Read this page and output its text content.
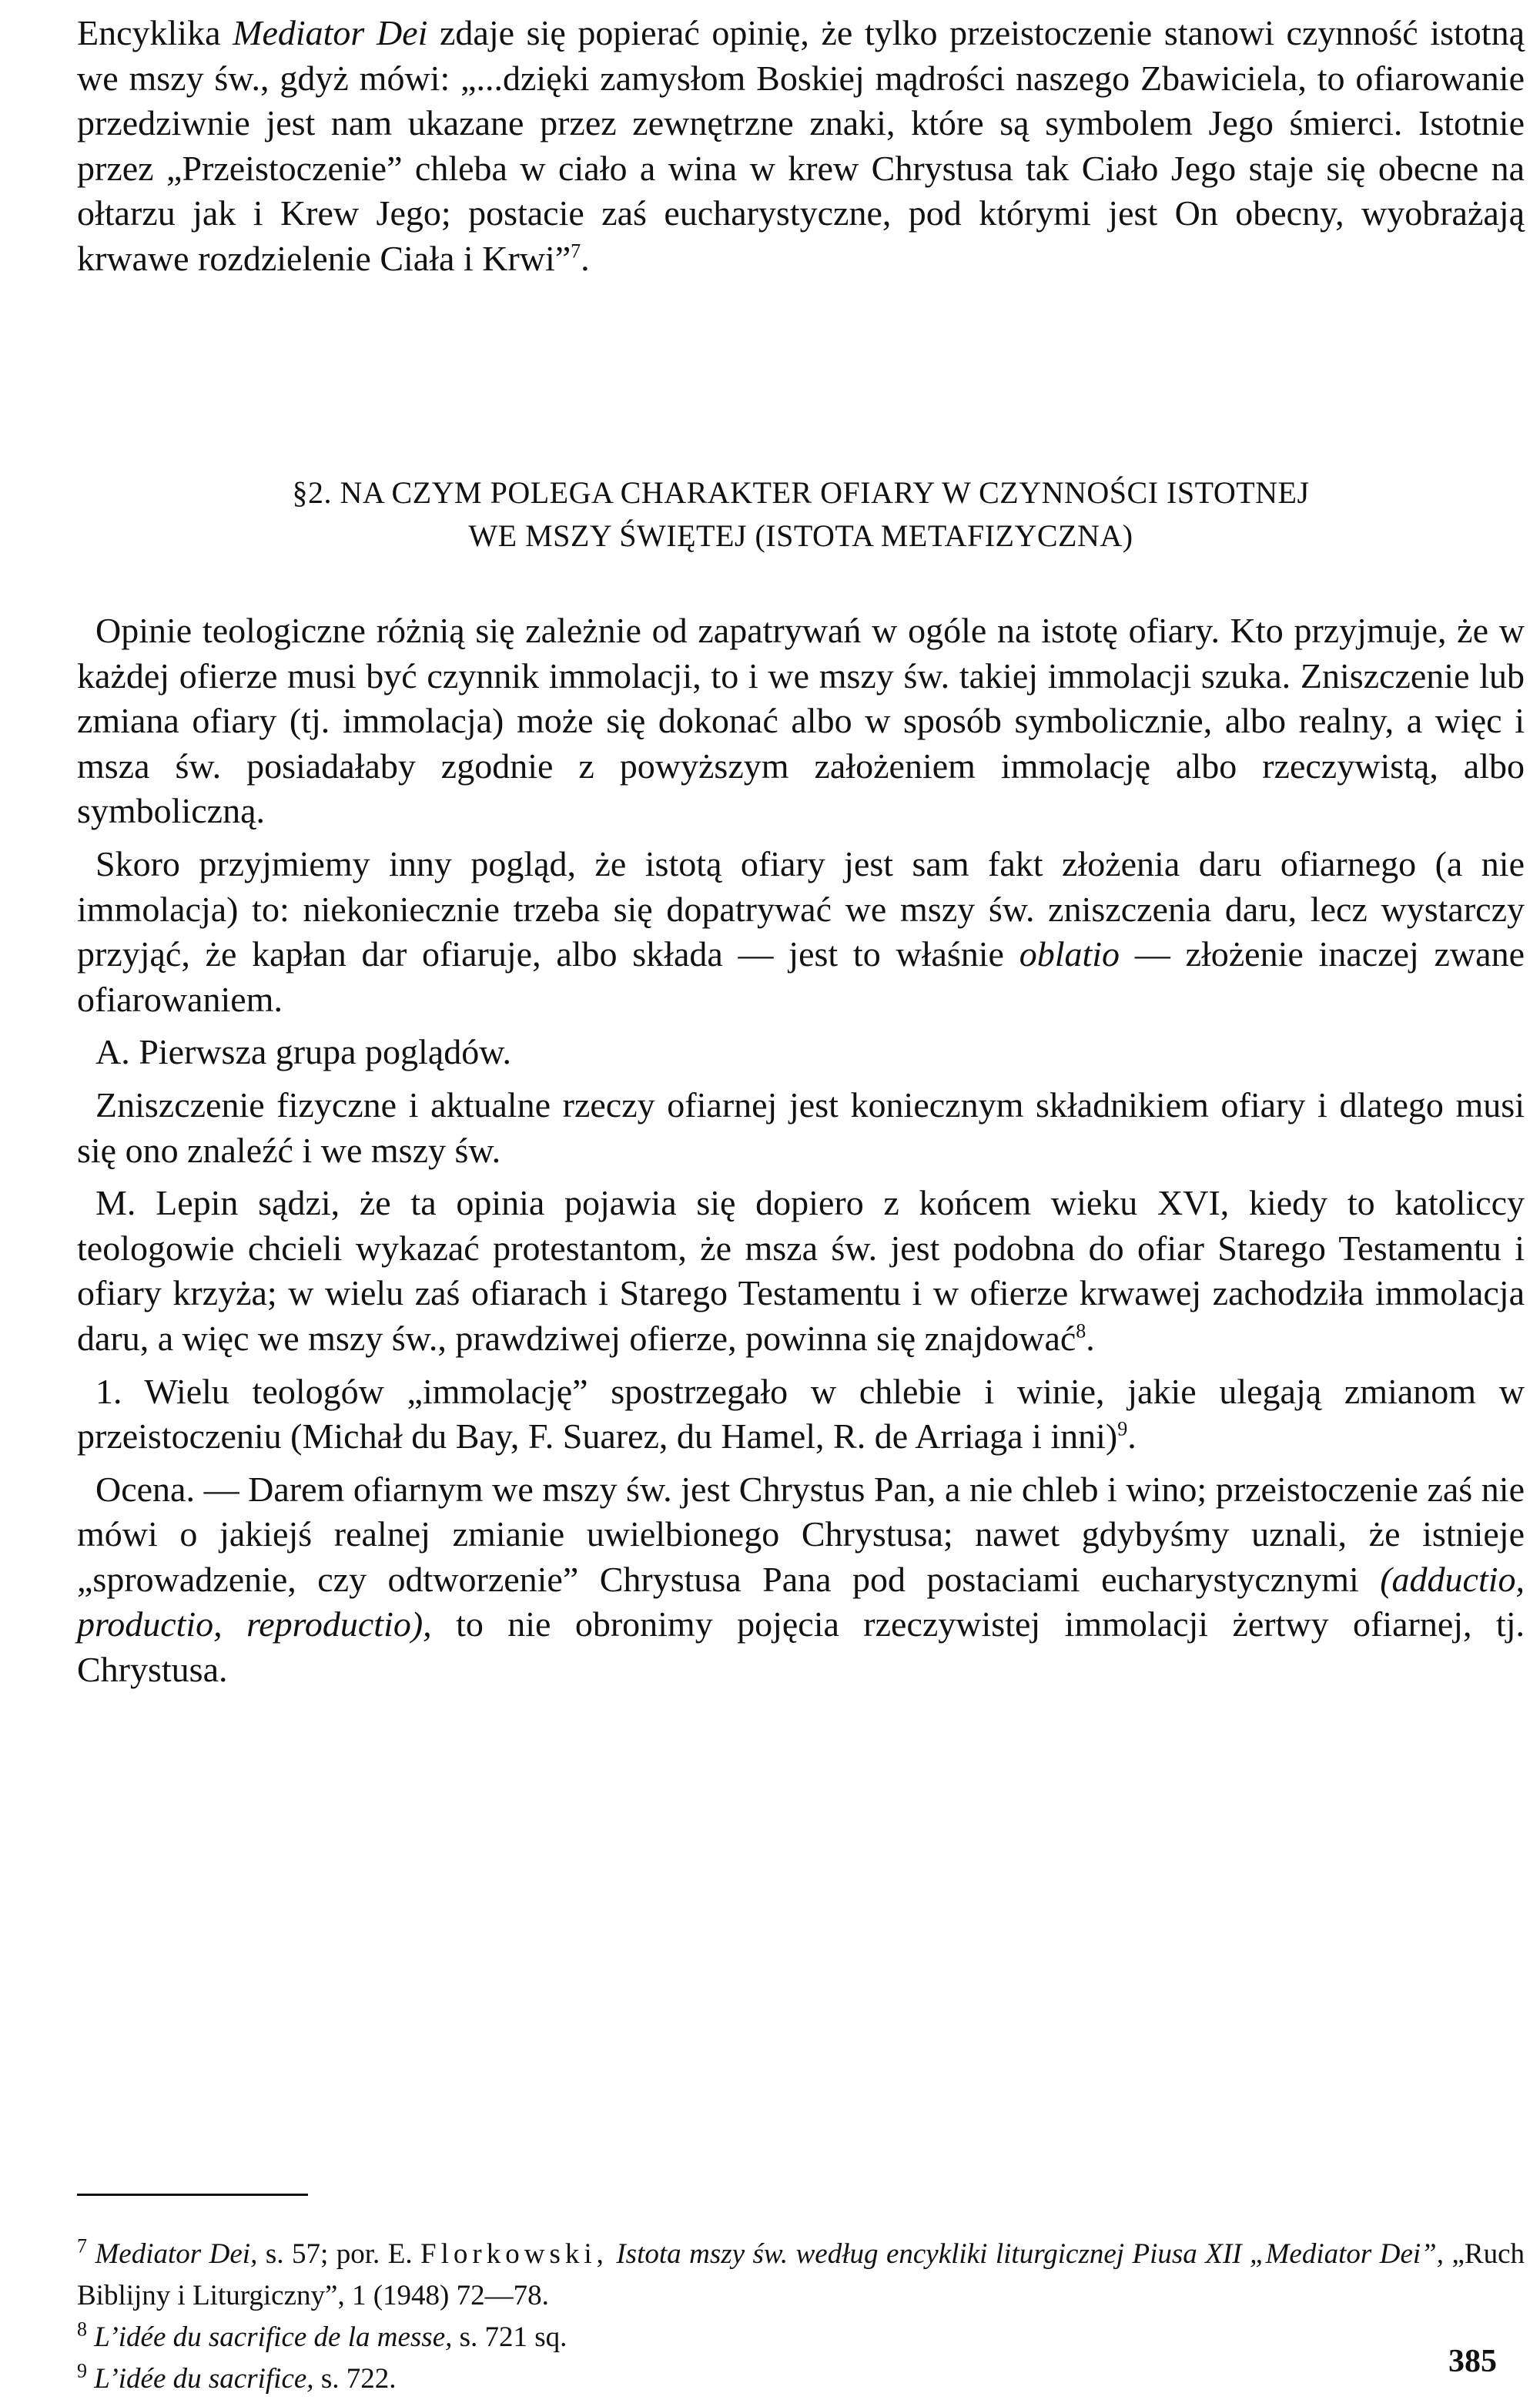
Encyklika Mediator Dei zdaje się popierać opinię, że tylko przeistoczenie stanowi czynność istotną we mszy św., gdyż mówi: „...dzięki zamysłom Boskiej mądrości naszego Zbawiciela, to ofiarowanie przedziwnie jest nam ukazane przez zewnętrzne znaki, które są symbolem Jego śmierci. Istotnie przez „Przeistoczenie” chleba w ciało a wina w krew Chrystusa tak Ciało Jego staje się obecne na ołtarzu jak i Krew Jego; postacie zaś eucharystyczne, pod którymi jest On obecny, wyobrażają krwawe rozdzielenie Ciała i Krwi”$^7$.

§2. NA CZYM POLEGA CHARAKTER OFIARY W CZYNNOŚCI ISTOTNEJ
WE MSZY ŚWIĘTEJ (ISTOTA METAFIZYCZNA)

Opinie teologiczne różnią się zależnie od zapatrywań w ogóle na istotę ofiary. Kto przyjmuje, że w każdej ofierze musi być czynnik immolacji, to i we mszy św. takiej immolacji szuka. Zniszczenie lub zmiana ofiary (tj. immolacja) może się dokonać albo w sposób symbolicznie, albo realny, a więc i msza św. posiadałaby zgodnie z powyższym założeniem immolację albo rzeczywistą, albo symboliczną.

Skoro przyjmiemy inny pogląd, że istotą ofiary jest sam fakt złożenia daru ofiarnego (a nie immolacja) to: niekoniecznie trzeba się dopatrywać we mszy św. zniszczenia daru, lecz wystarczy przyjąć, że kapłan dar ofiaruje, albo składa — jest to właśnie oblatio — złożenie inaczej zwane ofiarowaniem.

A. Pierwsza grupa poglądów.

Zniszczenie fizyczne i aktualne rzeczy ofiarnej jest koniecznym składnikiem ofiary i dlatego musi się ono znaleźć i we mszy św.

M. Lepin sądzi, że ta opinia pojawia się dopiero z końcem wieku XVI, kiedy to katoliccy teologowie chcieli wykazać protestantom, że msza św. jest podobna do ofiar Starego Testamentu i ofiary krzyża; w wielu zaś ofiarach i Starego Testamentu i w ofierze krwawej zachodziła immolacja daru, a więc we mszy św., prawdziwej ofierze, powinna się znajdować$^8$.

1. Wielu teologów „immolację” spostrzegało w chlebie i winie, jakie ulegają zmianom w przeistoczeniu (Michał du Bay, F. Suarez, du Hamel, R. de Arriaga i inni)$^9$.

Ocena. — Darem ofiarnym we mszy św. jest Chrystus Pan, a nie chleb i wino; przeistoczenie zaś nie mówi o jakiejś realnej zmianie uwielbionego Chrystusa; nawet gdybyśmy uznali, że istnieje „sprowadzenie, czy odtworzenie” Chrystusa Pana pod postaciami eucharystycznymi (adductio, productio, reproductio), to nie obronimy pojęcia rzeczywistej immolacji żertwy ofiarnej, tj. Chrystusa.

$^7$ Mediator Dei, s. 57; por. E. Florkowski, Istota mszy św. według encykliki liturgicznej Piusa XII „Mediator Dei”, „Ruch Biblijny i Liturgiczny”, 1 (1948) 72—78.

$^8$ L’idée du sacrifice de la messe, s. 721 sq.

$^9$ L’idée du sacrifice, s. 722.	385
